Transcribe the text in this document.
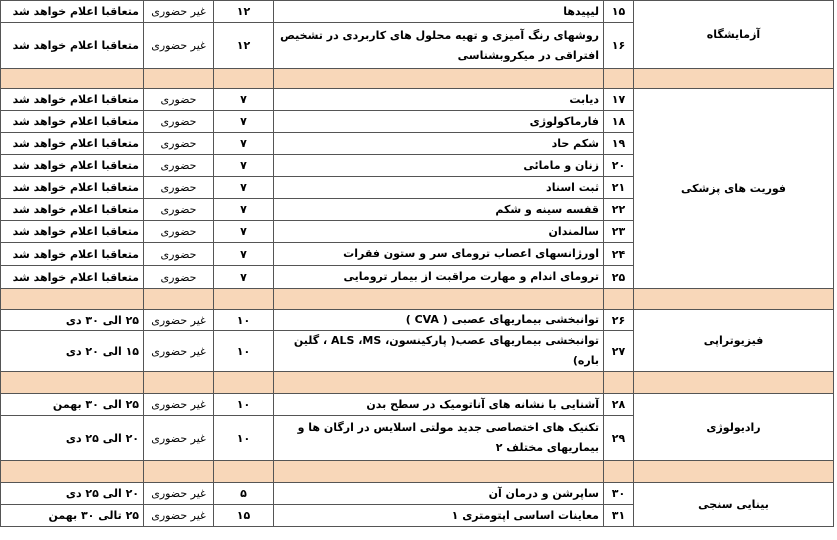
آزمایشگاه	۱۵	لیپیدها	۱۲	غیر حضوری	متعاقبا اعلام خواهد شد
	۱۶	روشهای رنگ آمیزی و تهیه محلول های کاربردی در تشخیص افتراقی در میکروبشناسی	۱۲	غیر حضوری	متعاقبا اعلام خواهد شد

فوریت های پزشکی	۱۷	دیابت	۷	حضوری	متعاقبا اعلام خواهد شد
	۱۸	فارماکولوژی	۷	حضوری	متعاقبا اعلام خواهد شد
	۱۹	شکم حاد	۷	حضوری	متعاقبا اعلام خواهد شد
	۲۰	زنان و مامائی	۷	حضوری	متعاقبا اعلام خواهد شد
	۲۱	ثبت اسناد	۷	حضوری	متعاقبا اعلام خواهد شد
	۲۲	قفسه سینه و شکم	۷	حضوری	متعاقبا اعلام خواهد شد
	۲۳	سالمندان	۷	حضوری	متعاقبا اعلام خواهد شد
	۲۴	اورژانسهای اعصاب ترومای سر و ستون فقرات	۷	حضوری	متعاقبا اعلام خواهد شد
	۲۵	ترومای اندام و مهارت مراقبت از بیمار ترومایی	۷	حضوری	متعاقبا اعلام خواهد شد

فیزیوتراپی	۲۶	توانبخشی بیماریهای عصبی ( CVA )	۱۰	غیر حضوری	۲۵ الی ۳۰ دی
	۲۷	توانبخشی بیماریهای عصب( پارکینسون، ALS ،MS ، گلین باره)	۱۰	غیر حضوری	۱۵ الی ۲۰ دی

رادیولوژی	۲۸	آشنایی با نشانه های آناتومیک در سطح بدن	۱۰	غیر حضوری	۲۵ الی ۳۰ بهمن
	۲۹	تکنیک های اختصاصی جدید مولتی اسلایس در ارگان ها و بیماریهای مختلف ۲	۱۰	غیر حضوری	۲۰ الی ۲۵ دی

بینایی سنجی	۳۰	ساپرشن و درمان آن	۵	غیر حضوری	۲۰ الی ۲۵ دی
	۳۱	معاینات اساسی اپتومتری ۱	۱۵	غیر حضوری	۲۵ تالی ۳۰ بهمن
